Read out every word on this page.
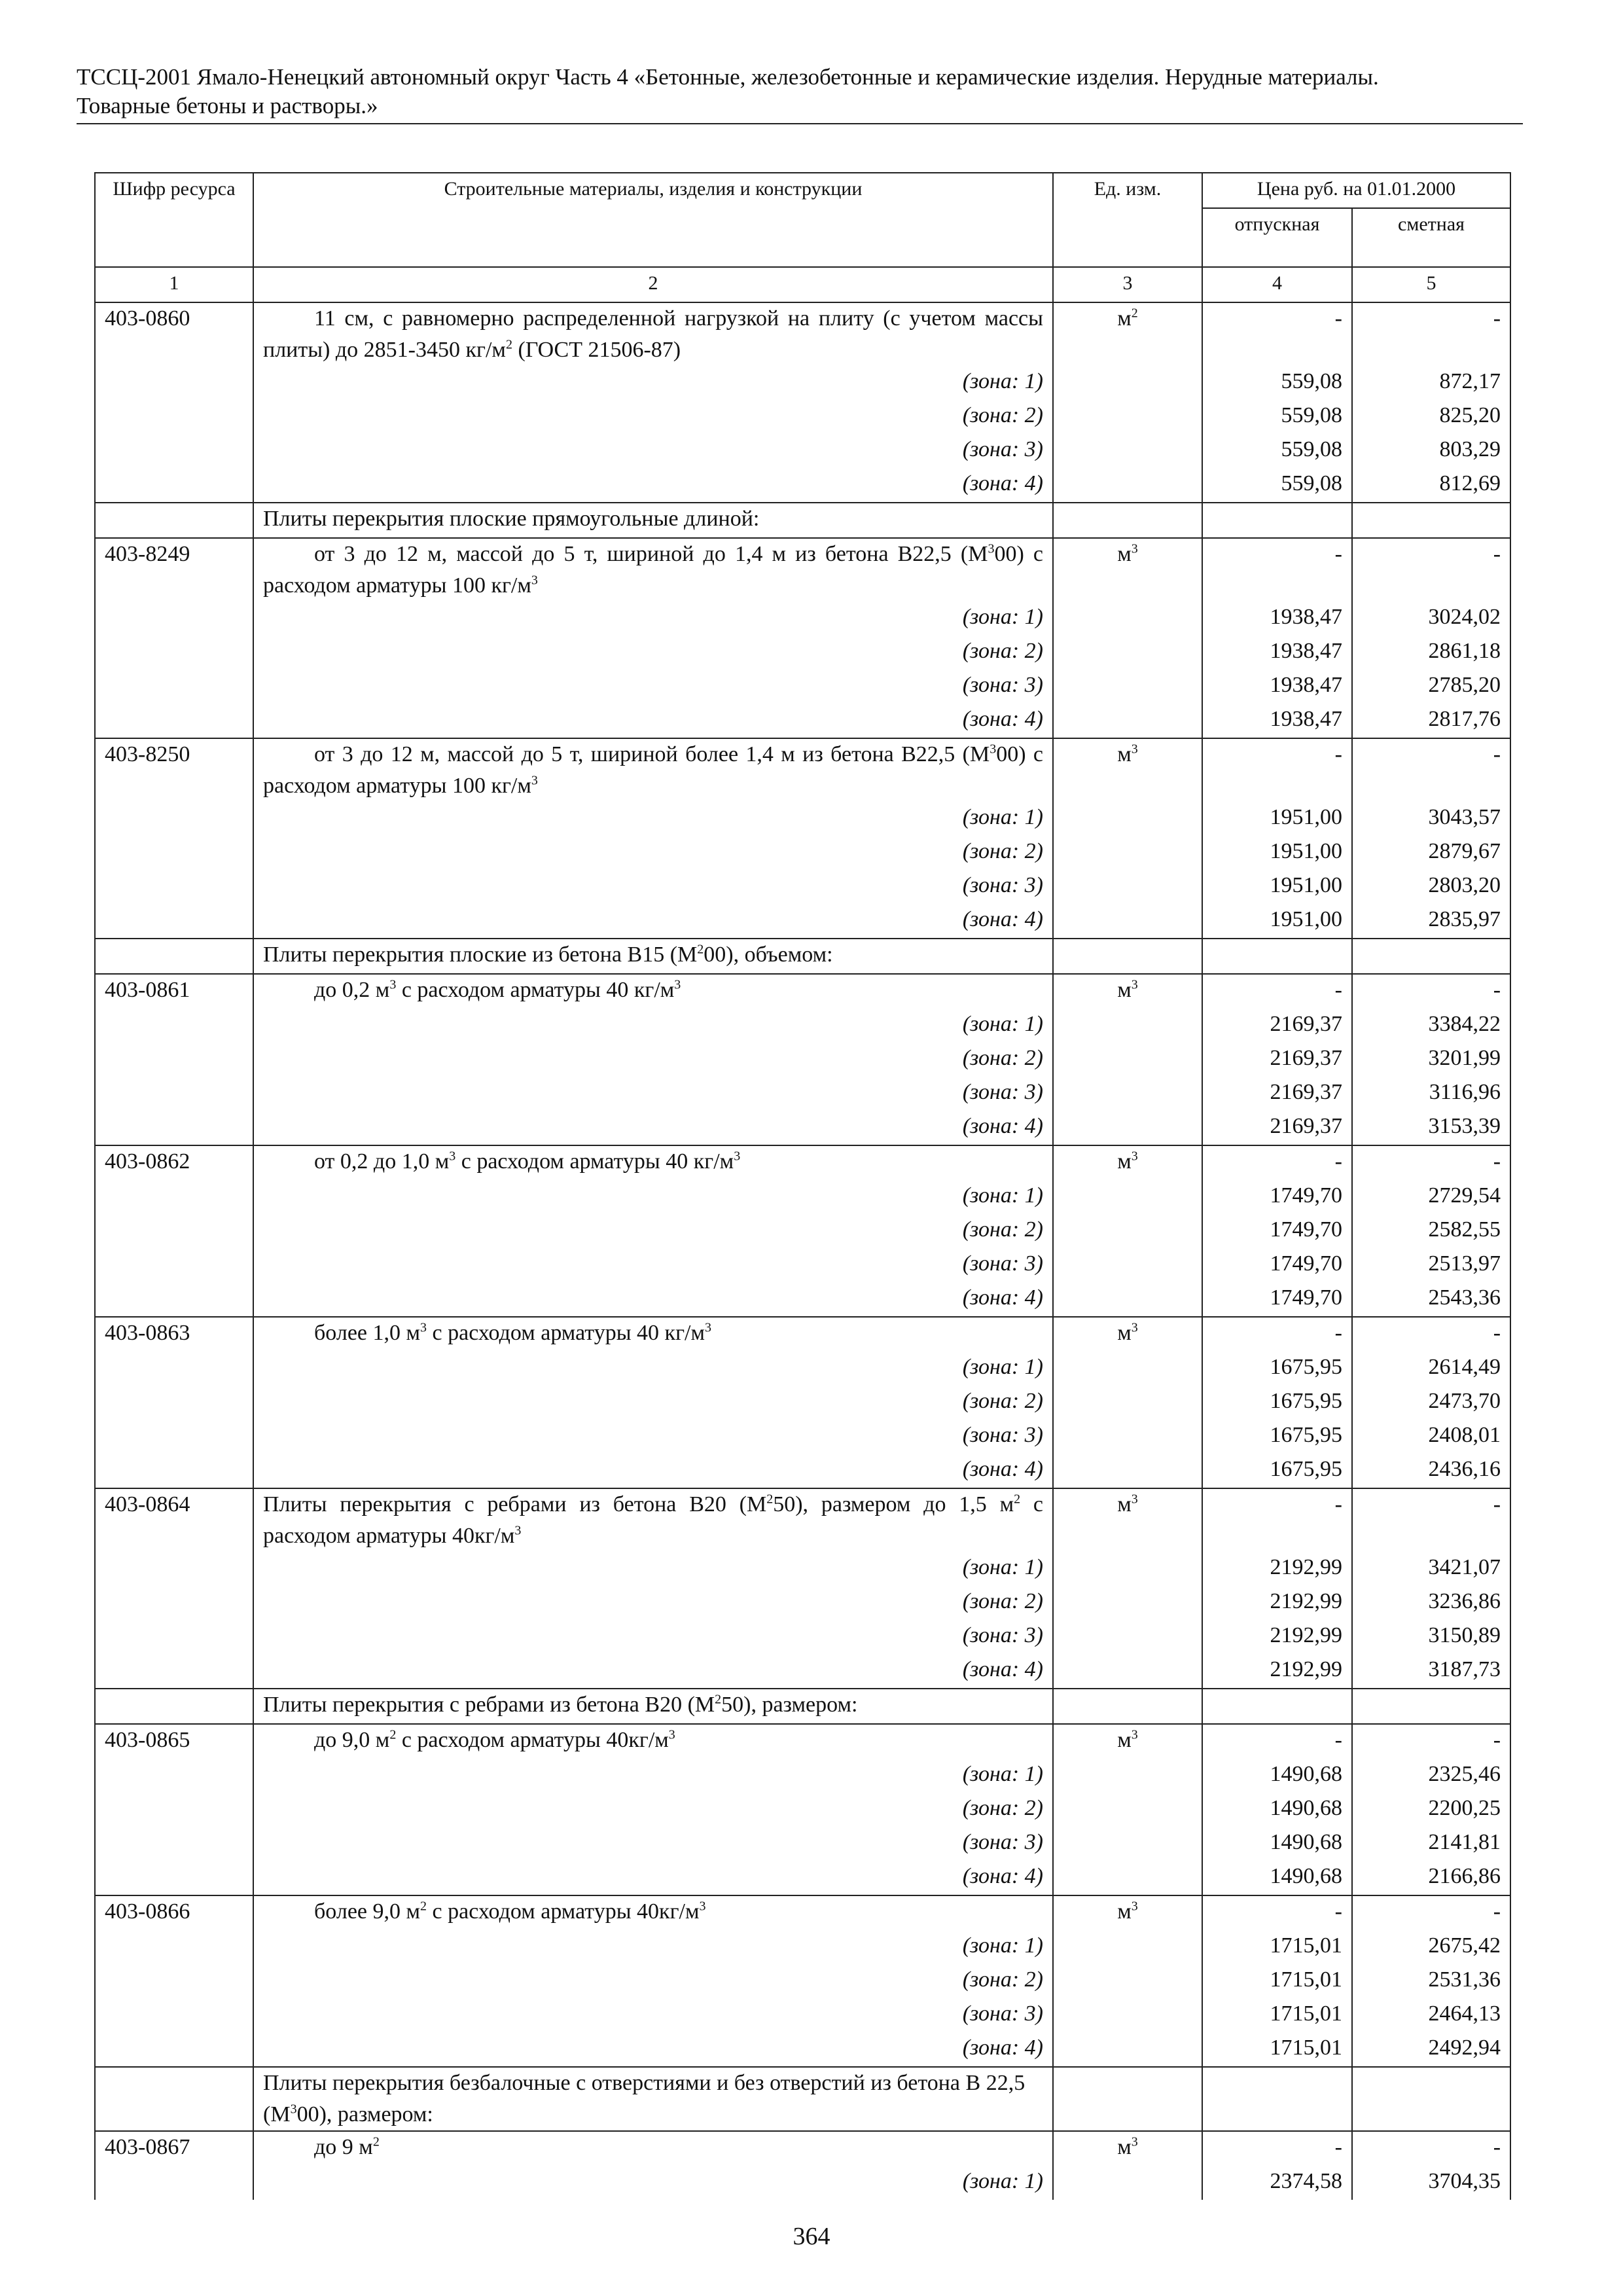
ТССЦ-2001 Ямало-Ненецкий автономный округ Часть 4 «Бетонные, железобетонные и керамические изделия. Нерудные материалы.
Товарные бетоны и растворы.»
Шифр ресурса	Строительные материалы, изделия и конструкции	Ед. изм.	Цена руб. на 01.01.2000	
			отпускная	сметная
1	2	3	4	5
403-0860	11 см, с равномерно распределенной нагрузкой на плиту (с учетом массы плиты) до 2851-3450 $кг/м^2$ (ГОСТ 21506-87)	$м^2$	-	-
	(зона: 1)		559,08	872,17
	(зона: 2)		559,08	825,20
	(зона: 3)		559,08	803,29
	(зона: 4)		559,08	812,69
	Плиты перекрытия плоские прямоугольные длиной:			
403-8249	от 3 до 12 м, массой до 5 т, шириной до 1,4 м из бетона В22,5 $(М^300)$ с расходом арматуры 100 $кг/м^3$	$м^3$	-	-
	(зона: 1)		1938,47	3024,02
	(зона: 2)		1938,47	2861,18
	(зона: 3)		1938,47	2785,20
	(зона: 4)		1938,47	2817,76
403-8250	от 3 до 12 м, массой до 5 т, шириной более 1,4 м из бетона В22,5 $(М^300)$ с расходом арматуры 100 $кг/м^3$	$м^3$	-	-
	(зона: 1)		1951,00	3043,57
	(зона: 2)		1951,00	2879,67
	(зона: 3)		1951,00	2803,20
	(зона: 4)		1951,00	2835,97
	Плиты перекрытия плоские из бетона В15 $(М^200)$, объемом:			
403-0861	до 0,2 $м^3$ с расходом арматуры 40 $кг/м^3$	$м^3$	-	-
	(зона: 1)		2169,37	3384,22
	(зона: 2)		2169,37	3201,99
	(зона: 3)		2169,37	3116,96
	(зона: 4)		2169,37	3153,39
403-0862	от 0,2 до 1,0 $м^3$ с расходом арматуры 40 $кг/м^3$	$м^3$	-	-
	(зона: 1)		1749,70	2729,54
	(зона: 2)		1749,70	2582,55
	(зона: 3)		1749,70	2513,97
	(зона: 4)		1749,70	2543,36
403-0863	более 1,0 $м^3$ с расходом арматуры 40 $кг/м^3$	$м^3$	-	-
	(зона: 1)		1675,95	2614,49
	(зона: 2)		1675,95	2473,70
	(зона: 3)		1675,95	2408,01
	(зона: 4)		1675,95	2436,16
403-0864	Плиты перекрытия с ребрами из бетона В20 $(М^250)$, размером до 1,5 $м^2$ с расходом арматуры $40кг/м^3$	$м^3$	-	-
	(зона: 1)		2192,99	3421,07
	(зона: 2)		2192,99	3236,86
	(зона: 3)		2192,99	3150,89
	(зона: 4)		2192,99	3187,73
	Плиты перекрытия с ребрами из бетона В20 $(М^250)$, размером:			
403-0865	до 9,0 $м^2$ с расходом арматуры $40кг/м^3$	$м^3$	-	-
	(зона: 1)		1490,68	2325,46
	(зона: 2)		1490,68	2200,25
	(зона: 3)		1490,68	2141,81
	(зона: 4)		1490,68	2166,86
403-0866	более 9,0 $м^2$ с расходом арматуры $40кг/м^3$	$м^3$	-	-
	(зона: 1)		1715,01	2675,42
	(зона: 2)		1715,01	2531,36
	(зона: 3)		1715,01	2464,13
	(зона: 4)		1715,01	2492,94
	Плиты перекрытия безбалочные с отверстиями и без отверстий из бетона В 22,5 $(М^300)$, размером:			
403-0867	до 9 $м^2$	$м^3$	-	-
	(зона: 1)		2374,58	3704,35
364
